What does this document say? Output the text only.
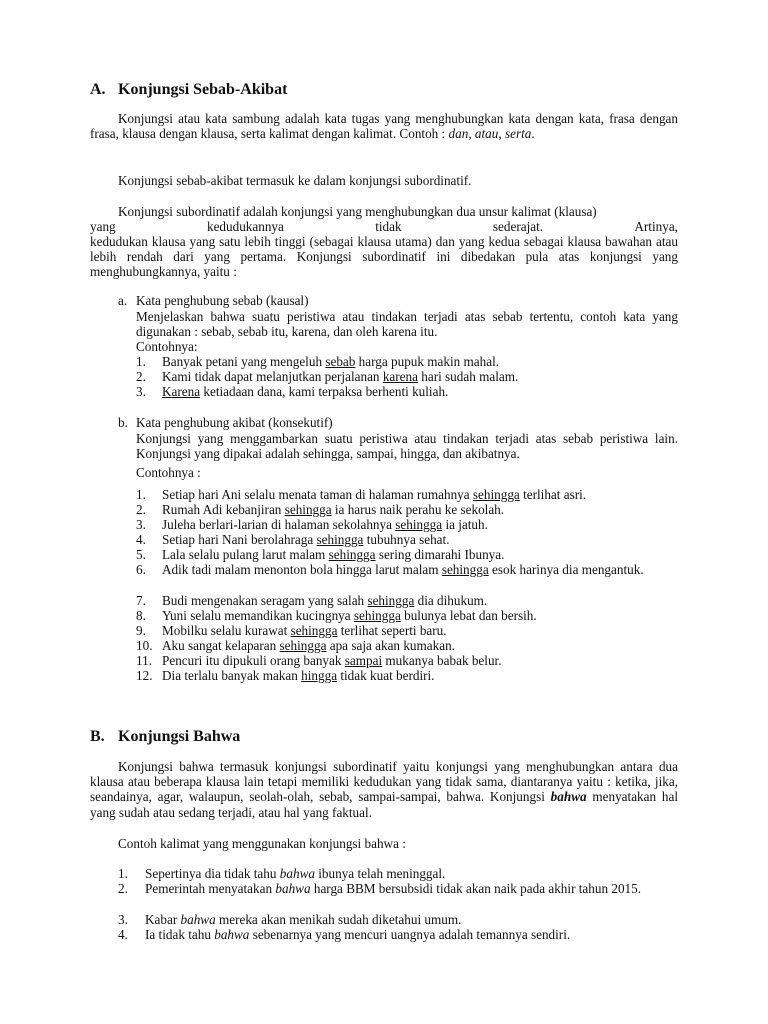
A. Konjungsi Sebab-Akibat
Konjungsi atau kata sambung adalah kata tugas yang menghubungkan kata dengan kata, frasa dengan frasa, klausa dengan klausa, serta kalimat dengan kalimat. Contoh : dan, atau, serta.
Konjungsi sebab-akibat termasuk ke dalam konjungsi subordinatif.
Konjungsi subordinatif adalah konjungsi yang menghubungkan dua unsur kalimat (klausa)
yang	kedudukannya	tidak	sederajat.	Artinya,
kedudukan klausa yang satu lebih tinggi (sebagai klausa utama) dan yang kedua sebagai klausa bawahan atau lebih rendah dari yang pertama. Konjungsi subordinatif ini dibedakan pula atas konjungsi yang menghubungkannya, yaitu :
a. Kata penghubung sebab (kausal)
Menjelaskan bahwa suatu peristiwa atau tindakan terjadi atas sebab tertentu, contoh kata yang digunakan : sebab, sebab itu, karena, dan oleh karena itu.
Contohnya:
1. Banyak petani yang mengeluh sebab harga pupuk makin mahal.
2. Kami tidak dapat melanjutkan perjalanan karena hari sudah malam.
3. Karena ketiadaan dana, kami terpaksa berhenti kuliah.
b. Kata penghubung akibat (konsekutif)
Konjungsi yang menggambarkan suatu peristiwa atau tindakan terjadi atas sebab peristiwa lain. Konjungsi yang dipakai adalah sehingga, sampai, hingga, dan akibatnya.
Contohnya :
1. Setiap hari Ani selalu menata taman di halaman rumahnya sehingga terlihat asri.
2. Rumah Adi kebanjiran sehingga ia harus naik perahu ke sekolah.
3. Juleha berlari-larian di halaman sekolahnya sehingga ia jatuh.
4. Setiap hari Nani berolahraga sehingga tubuhnya sehat.
5. Lala selalu pulang larut malam sehingga sering dimarahi Ibunya.
6. Adik tadi malam menonton bola hingga larut malam sehingga esok harinya dia mengantuk.
7. Budi mengenakan seragam yang salah sehingga dia dihukum.
8. Yuni selalu memandikan kucingnya sehingga bulunya lebat dan bersih.
9. Mobilku selalu kurawat sehingga terlihat seperti baru.
10. Aku sangat kelaparan sehingga apa saja akan kumakan.
11. Pencuri itu dipukuli orang banyak sampai mukanya babak belur.
12. Dia terlalu banyak makan hingga tidak kuat berdiri.
B. Konjungsi Bahwa
Konjungsi bahwa termasuk konjungsi subordinatif yaitu konjungsi yang menghubungkan antara dua klausa atau beberapa klausa lain tetapi memiliki kedudukan yang tidak sama, diantaranya yaitu : ketika, jika, seandainya, agar, walaupun, seolah-olah, sebab, sampai-sampai, bahwa. Konjungsi bahwa menyatakan hal yang sudah atau sedang terjadi, atau hal yang faktual.
Contoh kalimat yang menggunakan konjungsi bahwa :
1. Sepertinya dia tidak tahu bahwa ibunya telah meninggal.
2. Pemerintah menyatakan bahwa harga BBM bersubsidi tidak akan naik pada akhir tahun 2015.
3. Kabar bahwa mereka akan menikah sudah diketahui umum.
4. Ia tidak tahu bahwa sebenarnya yang mencuri uangnya adalah temannya sendiri.
